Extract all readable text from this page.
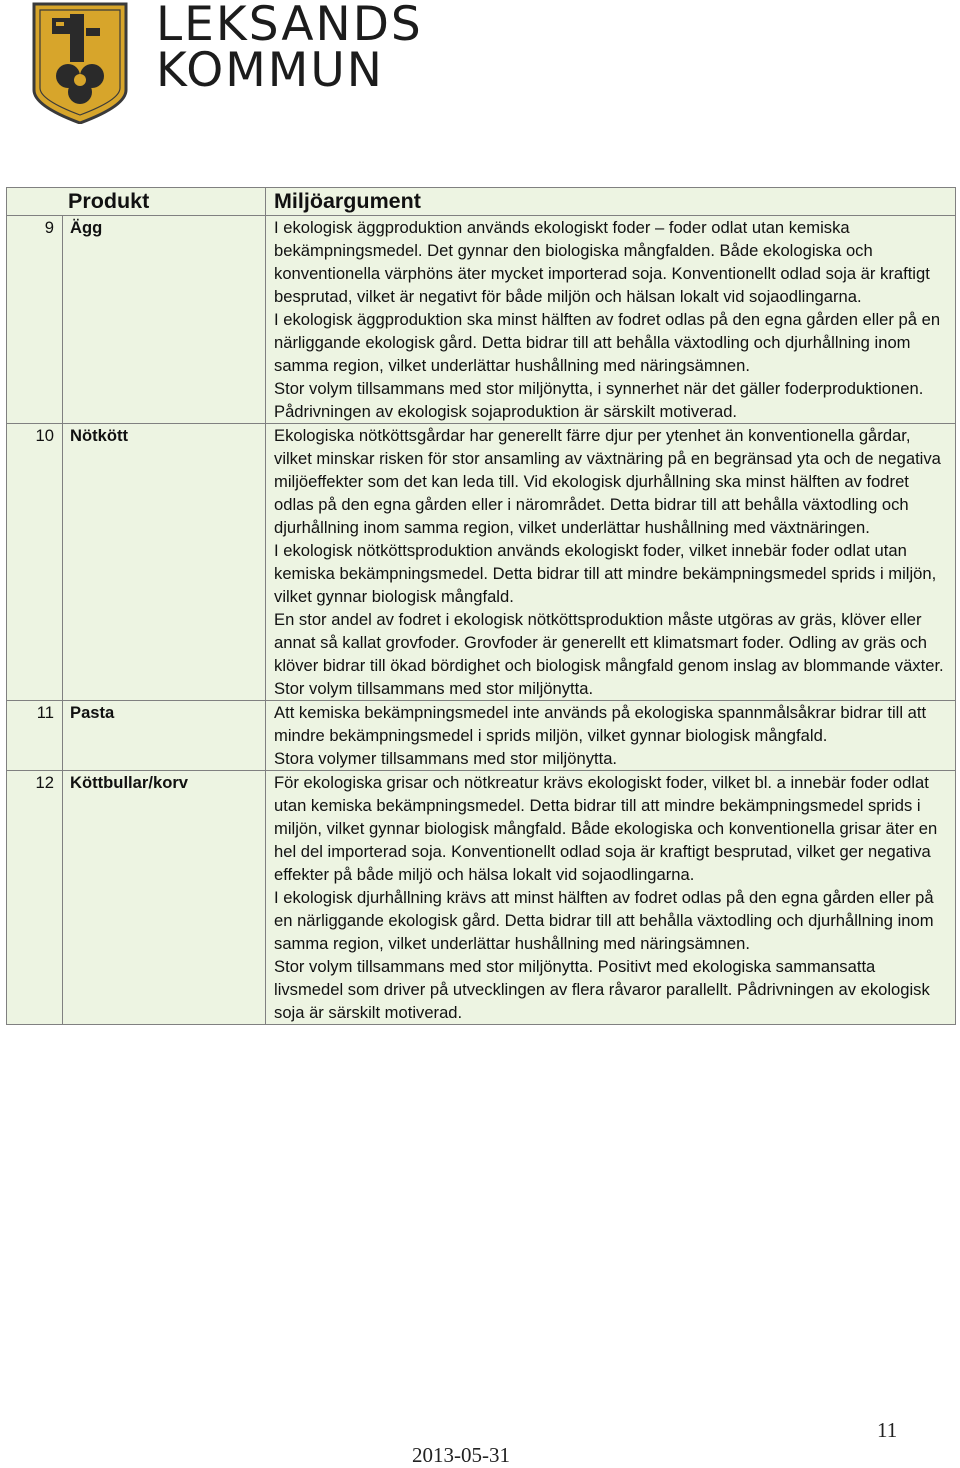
LEKSANDS
KOMMUN
Produkt		Miljöargument
9	Ägg	I ekologisk äggproduktion används ekologiskt foder – foder odlat utan kemiska bekämpningsmedel. Det gynnar den biologiska mångfalden. Både ekologiska och konventionella värphöns äter mycket importerad soja. Konventionellt odlad soja är kraftigt besprutad, vilket är negativt för både miljön och hälsan lokalt vid sojaodlingarna.
I ekologisk äggproduktion ska minst hälften av fodret odlas på den egna gården eller på en närliggande ekologisk gård. Detta bidrar till att behålla växtodling och djurhållning inom samma region, vilket underlättar hushållning med näringsämnen.
Stor volym tillsammans med stor miljönytta, i synnerhet när det gäller foderproduktionen. Pådrivningen av ekologisk sojaproduktion är särskilt motiverad.
10	Nötkött	Ekologiska nötköttsgårdar har generellt färre djur per ytenhet än konventionella gårdar, vilket minskar risken för stor ansamling av växtnäring på en begränsad yta och de negativa miljöeffekter som det kan leda till. Vid ekologisk djurhållning ska minst hälften av fodret odlas på den egna gården eller i närområdet. Detta bidrar till att behålla växtodling och djurhållning inom samma region, vilket underlättar hushållning med växtnäringen.
I ekologisk nötköttsproduktion används ekologiskt foder, vilket innebär foder odlat utan kemiska bekämpningsmedel. Detta bidrar till att mindre bekämpningsmedel sprids i miljön, vilket gynnar biologisk mångfald.
En stor andel av fodret i ekologisk nötköttsproduktion måste utgöras av gräs, klöver eller annat så kallat grovfoder. Grovfoder är generellt ett klimatsmart foder. Odling av gräs och klöver bidrar till ökad bördighet och biologisk mångfald genom inslag av blommande växter.
Stor volym tillsammans med stor miljönytta.
11	Pasta	Att kemiska bekämpningsmedel inte används på ekologiska spannmålsåkrar bidrar till att mindre bekämpningsmedel i sprids miljön, vilket gynnar biologisk mångfald.
Stora volymer tillsammans med stor miljönytta.
12	Köttbullar/korv	För ekologiska grisar och nötkreatur krävs ekologiskt foder, vilket bl. a innebär foder odlat utan kemiska bekämpningsmedel. Detta bidrar till att mindre bekämpningsmedel sprids i miljön, vilket gynnar biologisk mångfald. Både ekologiska och konventionella grisar äter en hel del importerad soja. Konventionellt odlad soja är kraftigt besprutad, vilket ger negativa effekter på både miljö och hälsa lokalt vid sojaodlingarna.
I ekologisk djurhållning krävs att minst hälften av fodret odlas på den egna gården eller på en närliggande ekologisk gård. Detta bidrar till att behålla växtodling och djurhållning inom samma region, vilket underlättar hushållning med näringsämnen.
Stor volym tillsammans med stor miljönytta. Positivt med ekologiska sammansatta livsmedel som driver på utvecklingen av flera råvaror parallellt. Pådrivningen av ekologisk soja är särskilt motiverad.
11
2013-05-31
